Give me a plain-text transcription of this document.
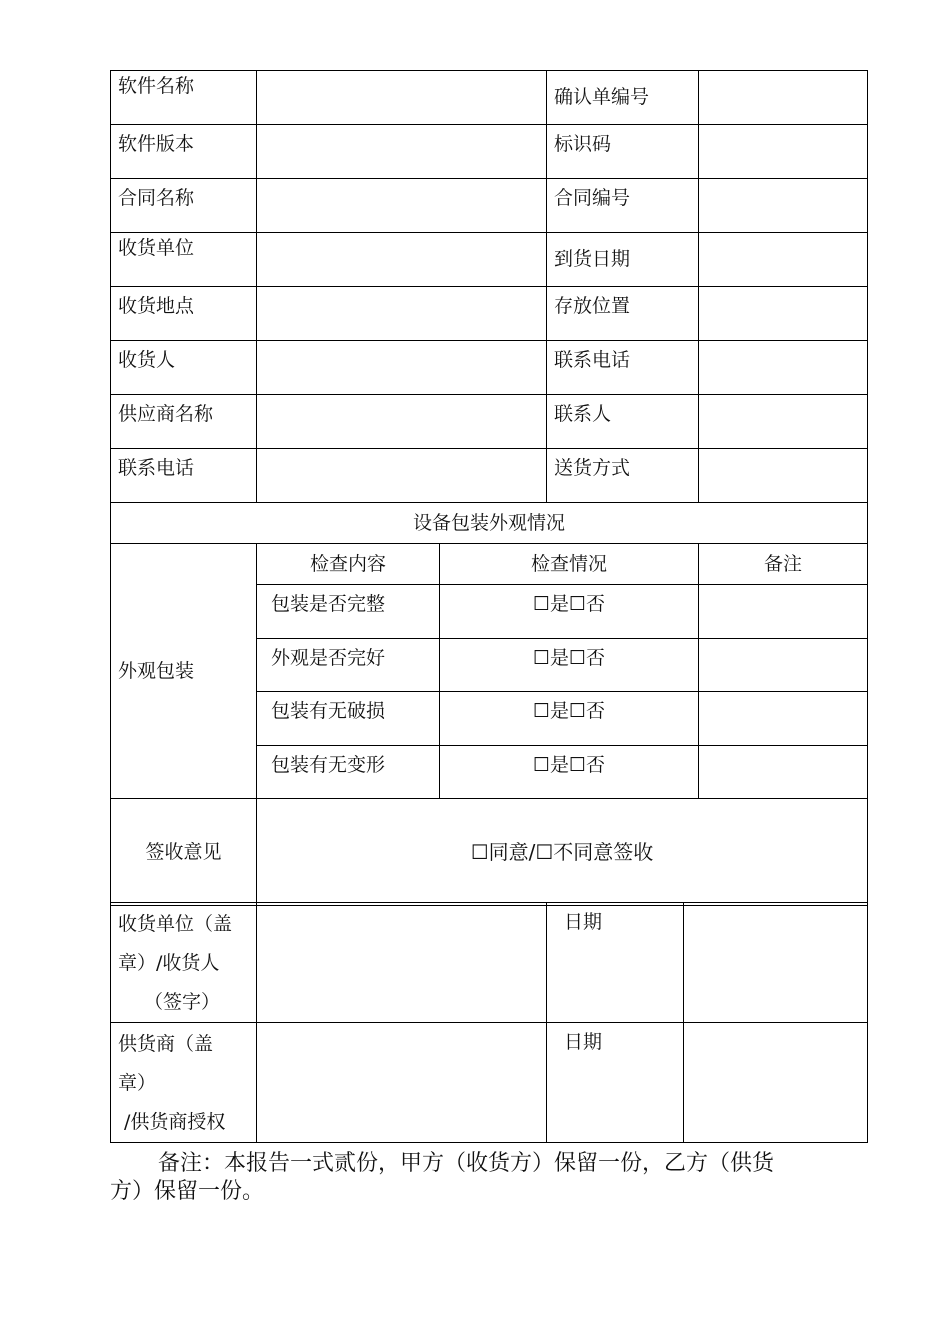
软件名称			确认单编号	
软件版本			标识码	
合同名称			合同编号	
收货单位			到货日期	
收货地点			存放位置	
收货人			联系电话	
供应商名称			联系人	
联系电话			送货方式	
设备包装外观情况				
外观包装	检查内容	检查情况		备注
	包装是否完整	☐是☐否		
	外观是否完好	☐是☐否		
	包装有无破损	☐是☐否		
	包装有无变形	☐是☐否		
签收意见	☐同意/☐不同意签收			
收货单位（盖
章）/收货人
（签字）		日期	

供货商（盖
章）
/供货商授权		日期	
备注：本报告一式贰份，甲方（收货方）保留一份，乙方（供货
方）保留一份。
